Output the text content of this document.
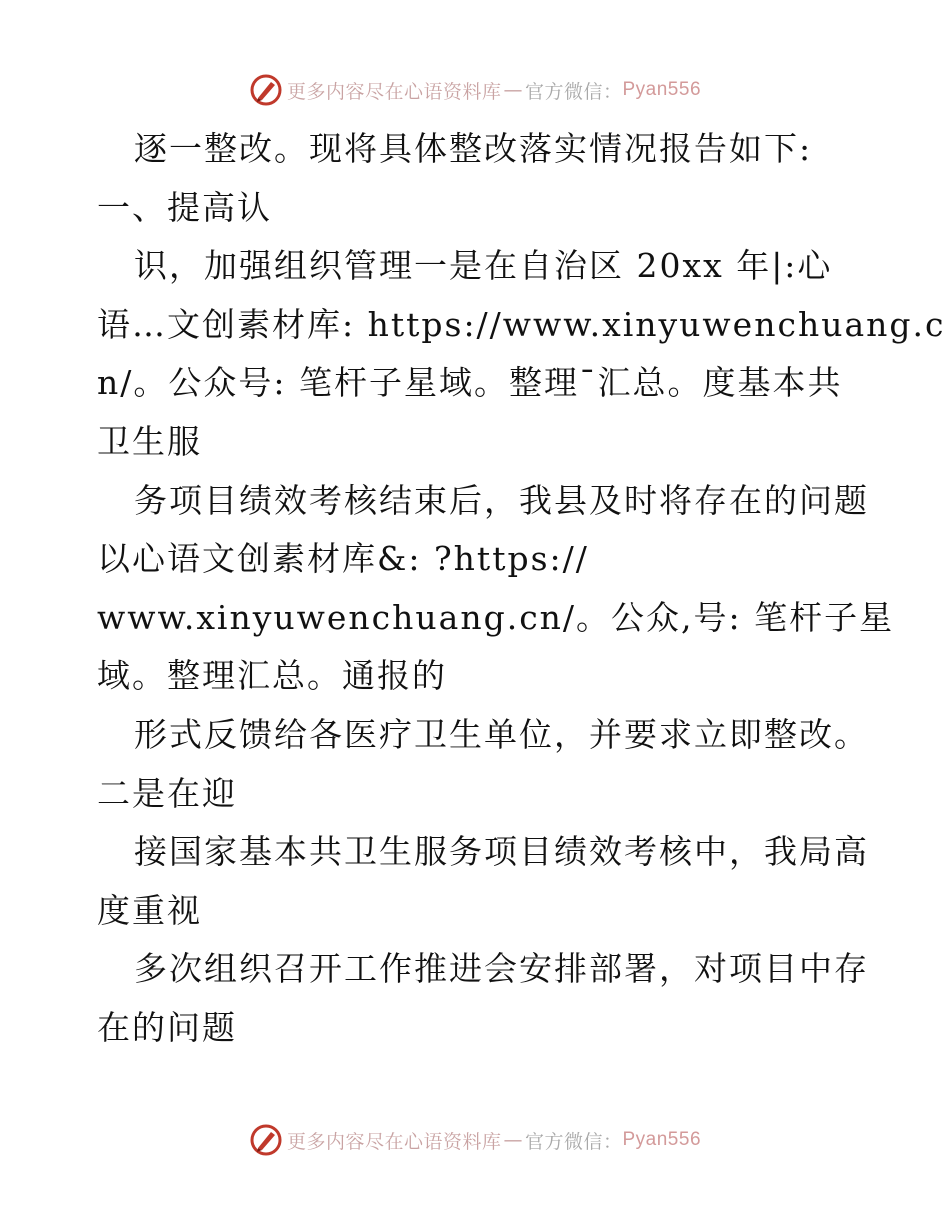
更多内容尽在心语资料库 — 官方微信： Pyan556
逐一整改。现将具体整改落实情况报告如下:
一、提高认
识，加强组织管理一是在自治区 20xx 年|:心
语…文创素材库: https://www.xinyuwenchuang.c
n/。公众号: 笔杆子星域。整理¯汇总。度基本共
卫生服
务项目绩效考核结束后，我县及时将存在的问题
以心语文创素材库&: ?https://
www.xinyuwenchuang.cn/。公众,号: 笔杆子星
域。整理汇总。通报的
形式反馈给各医疗卫生单位，并要求立即整改。
二是在迎
接国家基本共卫生服务项目绩效考核中，我局高
度重视
多次组织召开工作推进会安排部署，对项目中存
在的问题
更多内容尽在心语资料库 — 官方微信： Pyan556
